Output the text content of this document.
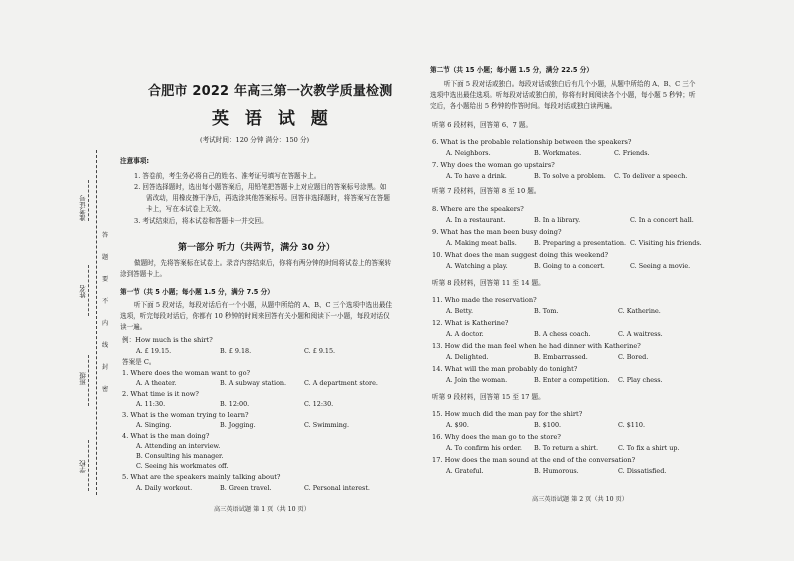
准考证号
姓名
班级
学校
答
题
要
不
内
线
封
密
合肥市 2022 年高三第一次教学质量检测
英 语 试 题
(考试时间：120 分钟 满分：150 分)
注意事项:
1. 答卷前，考生务必将自己的姓名、准考证号填写在答题卡上。
2. 回答选择题时，选出每小题答案后，用铅笔把答题卡上对应题目的答案标号涂黑。如
需改动，用橡皮擦干净后，再选涂其他答案标号。回答非选择题时，将答案写在答题
卡上，写在本试卷上无效。
3. 考试结束后，将本试卷和答题卡一并交回。
第一部分 听力（共两节，满分 30 分）
做题时，先将答案标在试卷上。录音内容结束后，你将有两分钟的时间将试卷上的答案转
涂到答题卡上。
第一节（共 5 小题；每小题 1.5 分，满分 7.5 分）
听下面 5 段对话，每段对话后有一个小题，从题中所给的 A、B、C 三个选项中选出最佳
选项，听完每段对话后，你都有 10 秒钟的时间来回答有关小题和阅读下一小题，每段对话仅
读一遍。
例：How much is the shirt?
A. £ 19.15.	B. £ 9.18.	C. £ 9.15.
答案是 C。
1. Where does the woman want to go?
A. A theater.	B. A subway station.	C. A department store.
2. What time is it now?
A. 11:30.	B. 12:00.	C. 12:30.
3. What is the woman trying to learn?
A. Singing.	B. Jogging.	C. Swimming.
4. What is the man doing?
A. Attending an interview.
B. Consulting his manager.
C. Seeing his workmates off.
5. What are the speakers mainly talking about?
A. Daily workout.	B. Green travel.	C. Personal interest.
高三英语试题 第 1 页（共 10 页）
第二节（共 15 小题；每小题 1.5 分，满分 22.5 分）
听下面 5 段对话或独白。每段对话或独白后有几个小题，从题中所给的 A、B、C 三个
选项中选出最佳选项。听每段对话或独白前，你将有时间阅读各个小题，每小题 5 秒钟；听
完后，各小题给出 5 秒钟的作答时间。每段对话或独白读两遍。
听第 6 段材料，回答第 6、7 题。
6. What is the probable relationship between the speakers?
A. Neighbors.	B. Workmates.	C. Friends.
7. Why does the woman go upstairs?
A. To have a drink.	B. To solve a problem. C. To deliver a speech.
听第 7 段材料，回答第 8 至 10 题。
8. Where are the speakers?
A. In a restaurant.	B. In a library.	C. In a concert hall.
9. What has the man been busy doing?
A. Making meat balls.	B. Preparing a presentation. C. Visiting his friends.
10. What does the man suggest doing this weekend?
A. Watching a play.	B. Going to a concert.	C. Seeing a movie.
听第 8 段材料，回答第 11 至 14 题。
11. Who made the reservation?
A. Betty.	B. Tom.	C. Katherine.
12. What is Katherine?
A. A doctor.	B. A chess coach.	C. A waitress.
13. How did the man feel when he had dinner with Katherine?
A. Delighted.	B. Embarrassed.	C. Bored.
14. What will the man probably do tonight?
A. Join the woman.	B. Enter a competition. C. Play chess.
听第 9 段材料，回答第 15 至 17 题。
15. How much did the man pay for the shirt?
A. $90.	B. $100.	C. $110.
16. Why does the man go to the store?
A. To confirm his order. B. To return a shirt.	C. To fix a shirt up.
17. How does the man sound at the end of the conversation?
A. Grateful.	B. Humorous.	C. Dissatisfied.
高三英语试题 第 2 页（共 10 页）
